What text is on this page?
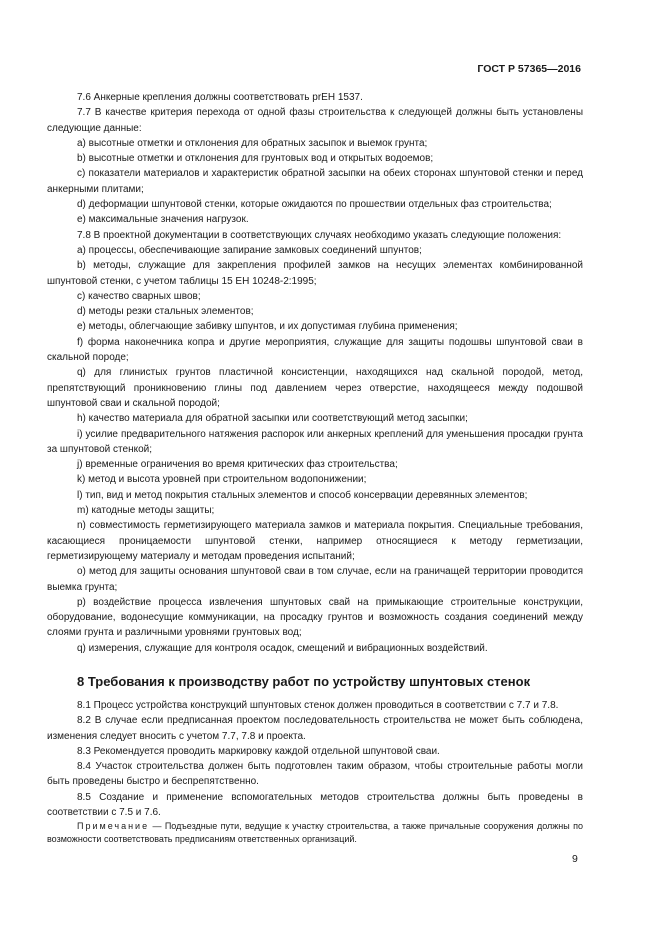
ГОСТ Р 57365—2016

7.6 Анкерные крепления должны соответствовать prEH 1537.

7.7 В качестве критерия перехода от одной фазы строительства к следующей должны быть установлены следующие данные:

а) высотные отметки и отклонения для обратных засыпок и выемок грунта;

b) высотные отметки и отклонения для грунтовых вод и открытых водоемов;

с) показатели материалов и характеристик обратной засыпки на обеих сторонах шпунтовой стенки и перед анкерными плитами;

d) деформации шпунтовой стенки, которые ожидаются по прошествии отдельных фаз строительства;

е) максимальные значения нагрузок.

7.8 В проектной документации в соответствующих случаях необходимо указать следующие положения:

а) процессы, обеспечивающие запирание замковых соединений шпунтов;

b) методы, служащие для закрепления профилей замков на несущих элементах комбинированной шпунтовой стенки, с учетом таблицы 15 ЕН 10248-2:1995;

с) качество сварных швов;

d) методы резки стальных элементов;

е) методы, облегчающие забивку шпунтов, и их допустимая глубина применения;

f) форма наконечника копра и другие мероприятия, служащие для защиты подошвы шпунтовой сваи в скальной породе;

q) для глинистых грунтов пластичной консистенции, находящихся над скальной породой, метод, препятствующий проникновению глины под давлением через отверстие, находящееся между подошвой шпунтовой сваи и скальной породой;

h) качество материала для обратной засыпки или соответствующий метод засыпки;

i) усилие предварительного натяжения распорок или анкерных креплений для уменьшения просадки грунта за шпунтовой стенкой;

j) временные ограничения во время критических фаз строительства;

k) метод и высота уровней при строительном водопонижении;

l) тип, вид и метод покрытия стальных элементов и способ консервации деревянных элементов;

m) катодные методы защиты;

n) совместимость герметизирующего материала замков и материала покрытия. Специальные требования, касающиеся проницаемости шпунтовой стенки, например относящиеся к методу герметизации, герметизирующему материалу и методам проведения испытаний;

о) метод для защиты основания шпунтовой сваи в том случае, если на граничащей территории проводится выемка грунта;

р) воздействие процесса извлечения шпунтовых свай на примыкающие строительные конструкции, оборудование, водонесущие коммуникации, на просадку грунтов и возможность создания соединений между слоями грунта и различными уровнями грунтовых вод;

q) измерения, служащие для контроля осадок, смещений и вибрационных воздействий.

8 Требования к производству работ по устройству шпунтовых стенок

8.1 Процесс устройства конструкций шпунтовых стенок должен проводиться в соответствии с 7.7 и 7.8.

8.2 В случае если предписанная проектом последовательность строительства не может быть соблюдена, изменения следует вносить с учетом 7.7, 7.8 и проекта.

8.3 Рекомендуется проводить маркировку каждой отдельной шпунтовой сваи.

8.4 Участок строительства должен быть подготовлен таким образом, чтобы строительные работы могли быть проведены быстро и беспрепятственно.

8.5 Создание и применение вспомогательных методов строительства должны быть проведены в соответствии с 7.5 и 7.6.

Примечание — Подъездные пути, ведущие к участку строительства, а также причальные сооружения должны по возможности соответствовать предписаниям ответственных организаций.

9
